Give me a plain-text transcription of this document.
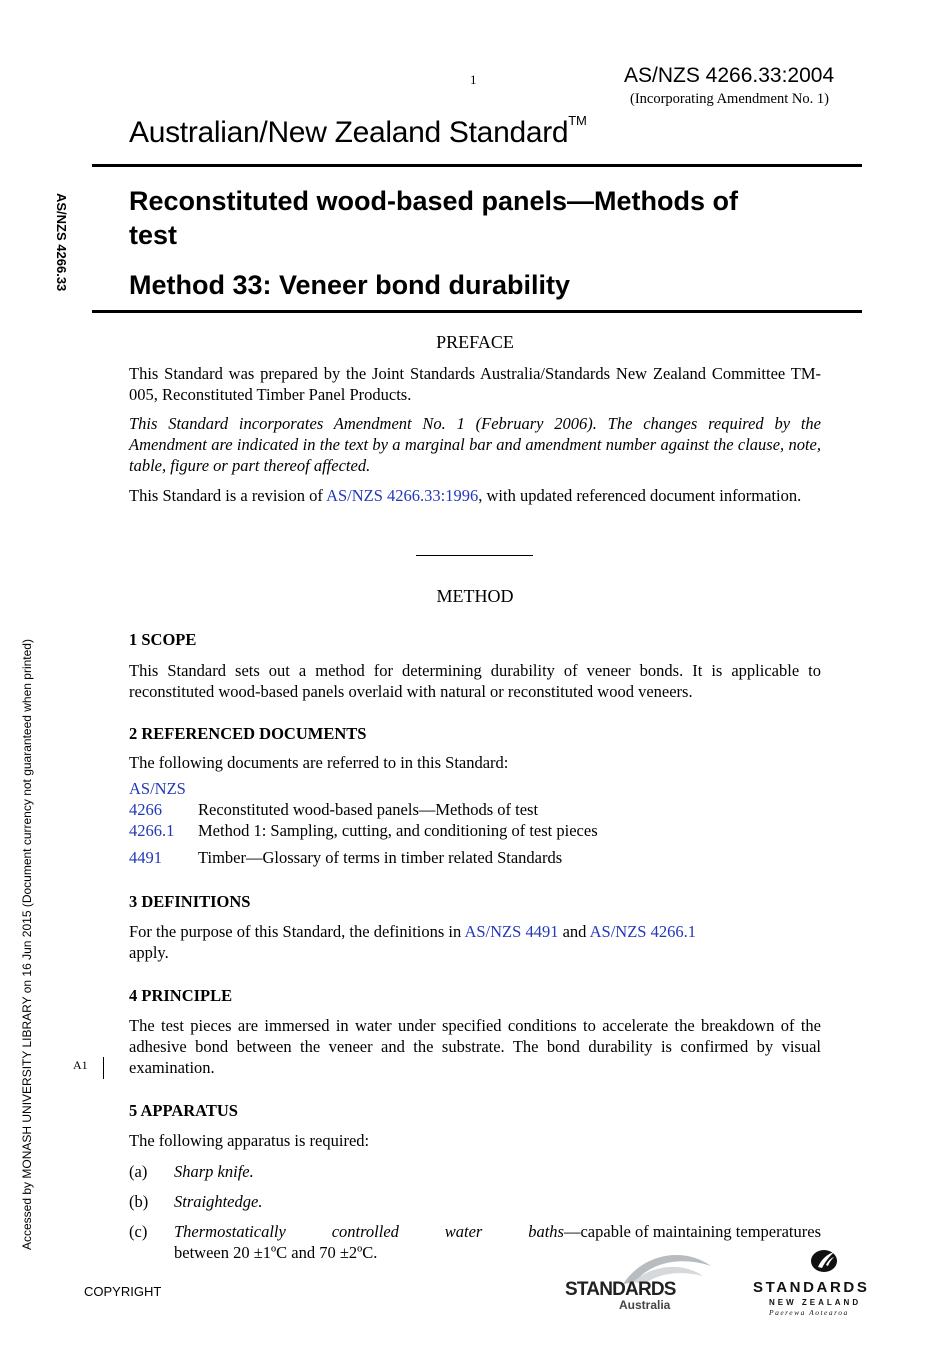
1	AS/NZS 4266.33:2004
(Incorporating Amendment No. 1)
Australian/New Zealand Standard™
Reconstituted wood-based panels—Methods of
test
Method 33: Veneer bond durability
AS/NZS 4266.33
Accessed by MONASH UNIVERSITY LIBRARY on 16 Jun 2015 (Document currency not guaranteed when printed)
PREFACE
This Standard was prepared by the Joint Standards Australia/Standards New Zealand Committee TM-005, Reconstituted Timber Panel Products.
This Standard incorporates Amendment No. 1 (February 2006). The changes required by the Amendment are indicated in the text by a marginal bar and amendment number against the clause, note, table, figure or part thereof affected.
This Standard is a revision of AS/NZS 4266.33:1996, with updated referenced document information.
METHOD
1 SCOPE
This Standard sets out a method for determining durability of veneer bonds. It is applicable to reconstituted wood-based panels overlaid with natural or reconstituted wood veneers.
2 REFERENCED DOCUMENTS
The following documents are referred to in this Standard:
AS/NZS
4266 Reconstituted wood-based panels—Methods of test
4266.1 Method 1: Sampling, cutting, and conditioning of test pieces
4491 Timber—Glossary of terms in timber related Standards
3 DEFINITIONS
For the purpose of this Standard, the definitions in AS/NZS 4491 and AS/NZS 4266.1
apply.
4 PRINCIPLE
The test pieces are immersed in water under specified conditions to accelerate the breakdown of the adhesive bond between the veneer and the substrate. The bond durability is confirmed by visual examination.
A1
5 APPARATUS
The following apparatus is required:
(a) Sharp knife.
(b) Straightedge.
(c) Thermostatically controlled water baths—capable of maintaining temperatures
between 20 ±1ºC and 70 ±2ºC.
COPYRIGHT	STANDARDS
Australia
STANDARDS
NEW ZEALAND
Paerewa Aotearoa
